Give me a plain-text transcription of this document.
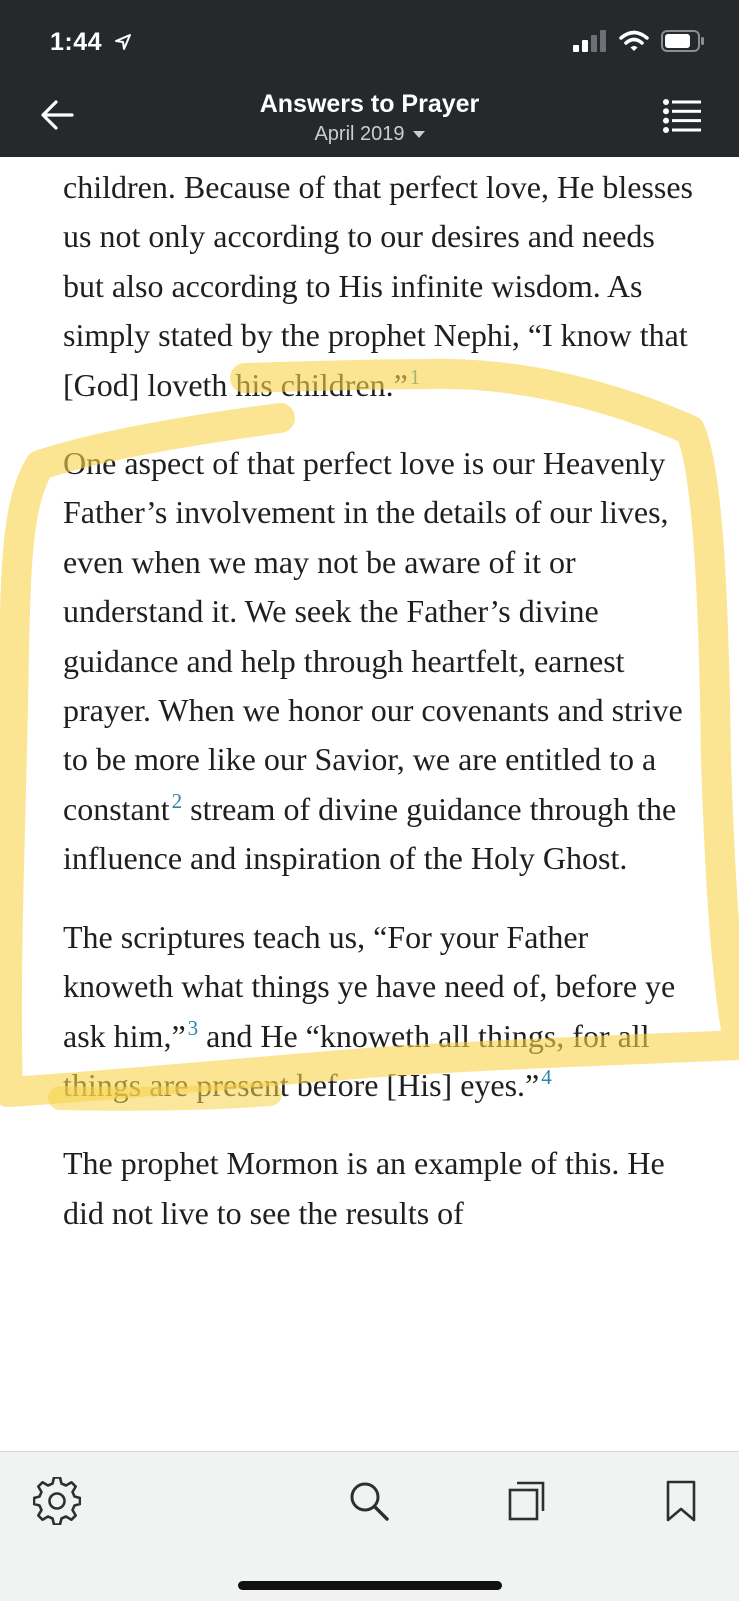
1:44
Answers to Prayer
April 2019

children. Because of that perfect love, He blesses us not only according to our desires and needs but also according to His infinite wisdom. As simply stated by the prophet Nephi, “I know that [God] loveth his children.”$^1$

One aspect of that perfect love is our Heavenly Father’s involvement in the details of our lives, even when we may not be aware of it or understand it. We seek the Father’s divine guidance and help through heartfelt, earnest prayer. When we honor our covenants and strive to be more like our Savior, we are entitled to a constant$^2$ stream of divine guidance through the influence and inspiration of the Holy Ghost.

The scriptures teach us, “For your Father knoweth what things ye have need of, before ye ask him,”$^3$ and He “knoweth all things, for all things are present before [His] eyes.”$^4$

The prophet Mormon is an example of this. He did not live to see the results of
